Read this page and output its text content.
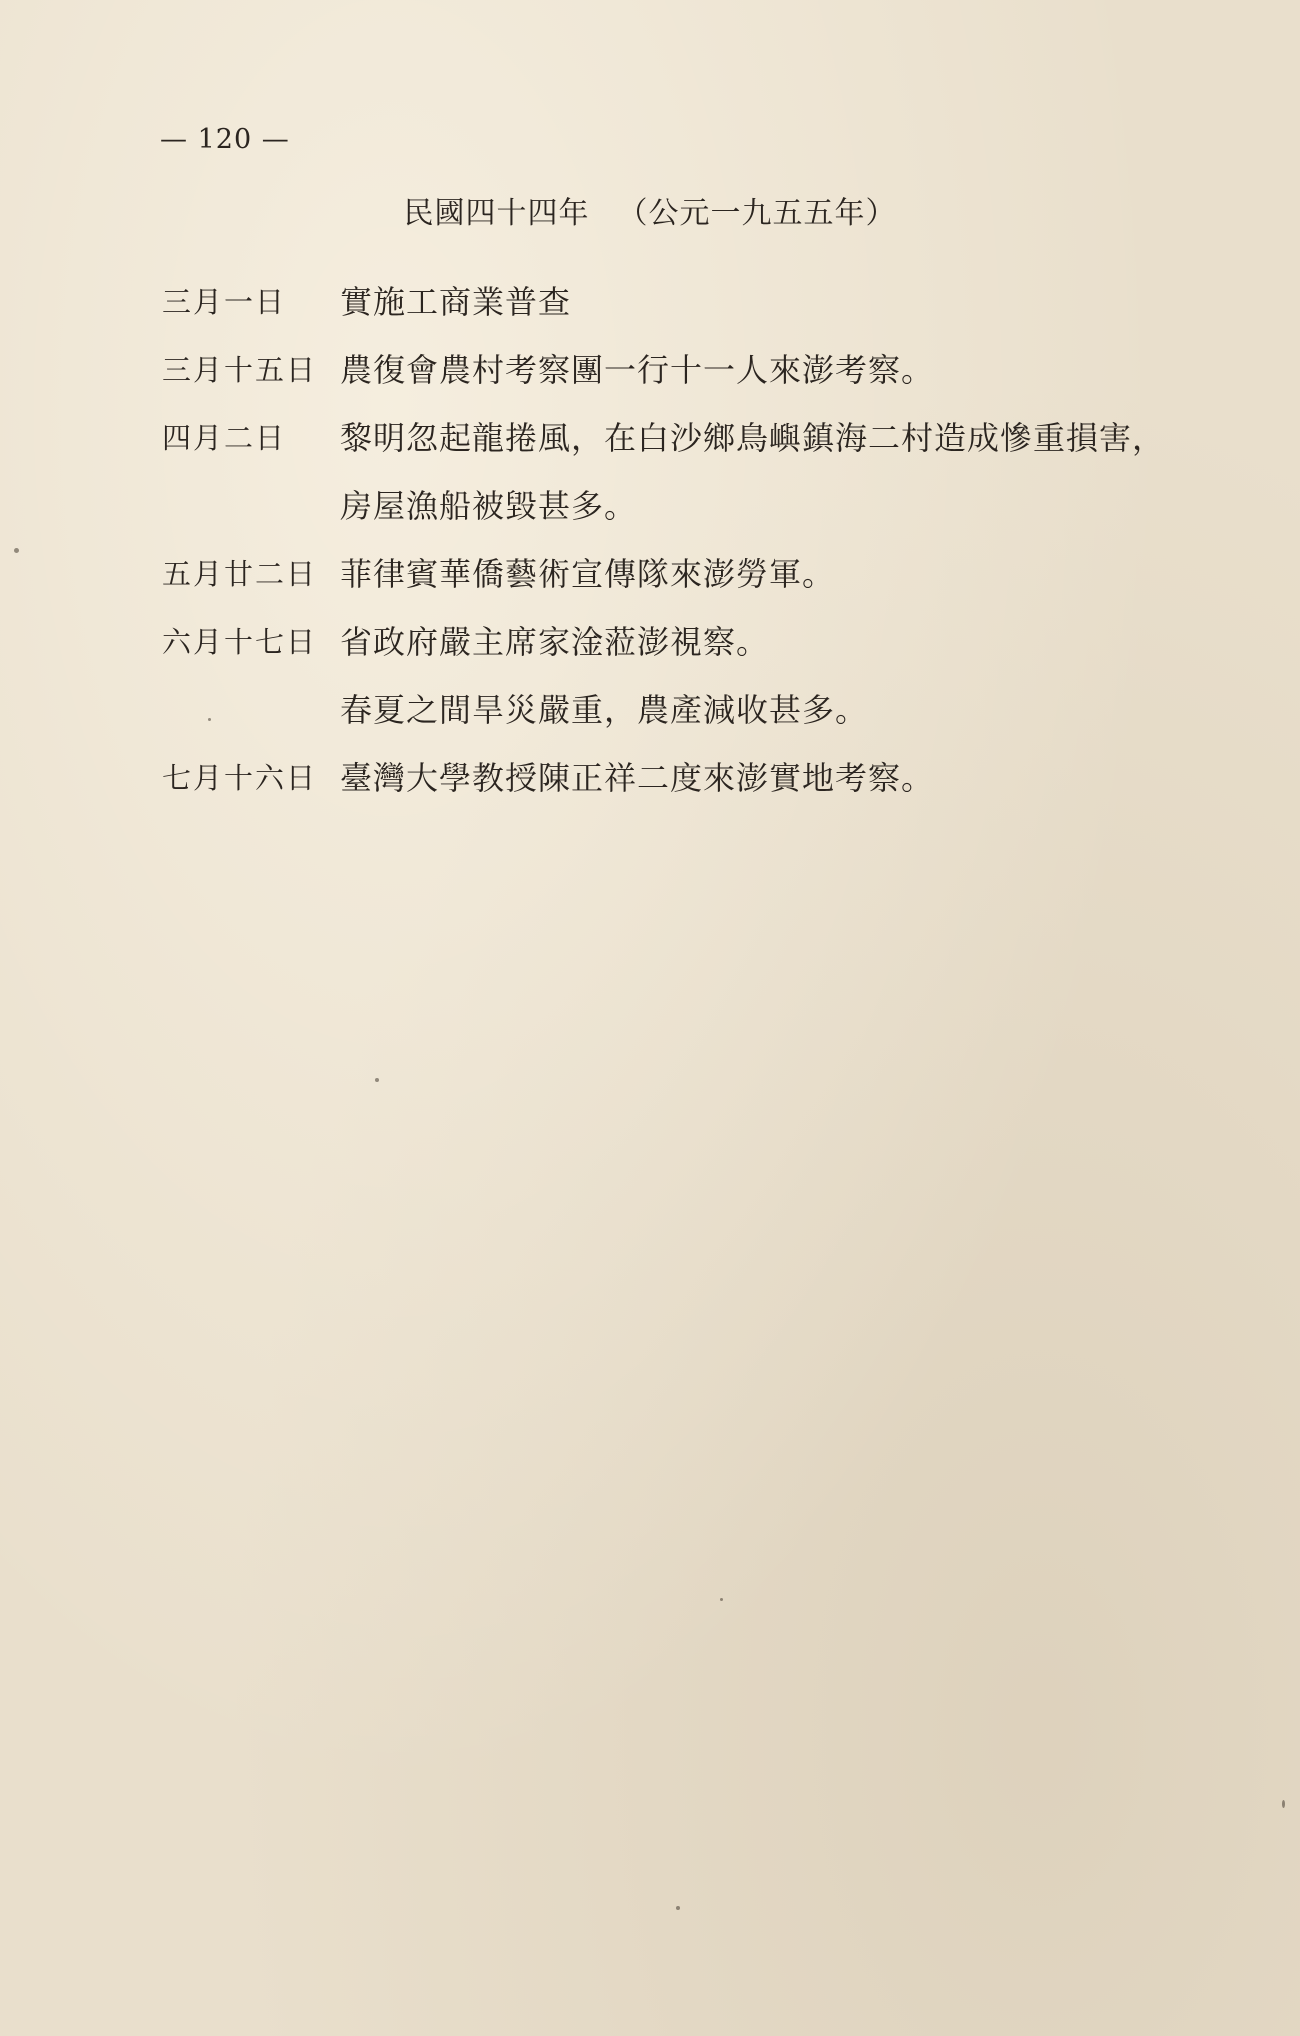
— 120 —
民國四十四年 （公元一九五五年）
三月一日	實施工商業普查

三月十五日 農復會農村考察團一行十一人來澎考察。

四月二日	黎明忽起龍捲風，在白沙鄉鳥嶼鎮海二村造成慘重損害，

房屋漁船被毀甚多。

五月廿二日 菲律賓華僑藝術宣傳隊來澎勞軍。

六月十七日 省政府嚴主席家淦蒞澎視察。

春夏之間旱災嚴重，農產減收甚多。

七月十六日 臺灣大學教授陳正祥二度來澎實地考察。
